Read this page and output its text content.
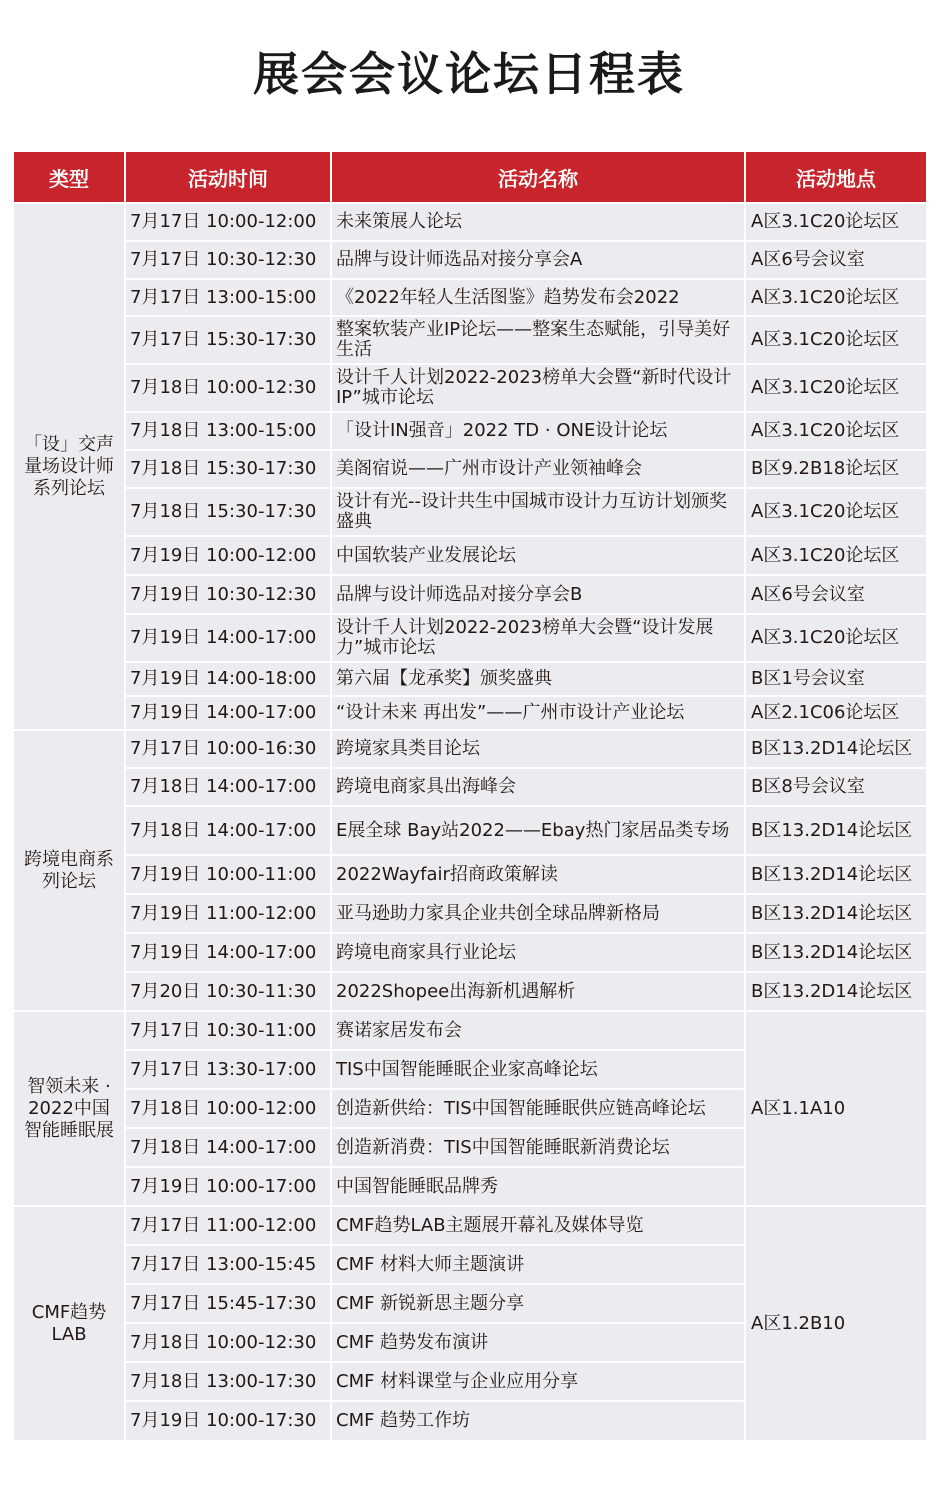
展会会议论坛日程表
类型	活动时间	活动名称	活动地点
「设」交声量场设计师系列论坛	7月17日 10:00-12:00	未来策展人论坛	A区3.1C20论坛区
	7月17日 10:30-12:30	品牌与设计师选品对接分享会A	A区6号会议室
	7月17日 13:00-15:00	《2022年轻人生活图鉴》趋势发布会2022	A区3.1C20论坛区
	7月17日 15:30-17:30	整案软装产业IP论坛——整案生态赋能，引导美好生活	A区3.1C20论坛区
	7月18日 10:00-12:30	设计千人计划2022-2023榜单大会暨“新时代设计IP”城市论坛	A区3.1C20论坛区
	7月18日 13:00-15:00	「设计IN强音」2022 TD · ONE设计论坛	A区3.1C20论坛区
	7月18日 15:30-17:30	美阁宿说——广州市设计产业领袖峰会	B区9.2B18论坛区
	7月18日 15:30-17:30	设计有光--设计共生中国城市设计力互访计划颁奖盛典	A区3.1C20论坛区
	7月19日 10:00-12:00	中国软装产业发展论坛	A区3.1C20论坛区
	7月19日 10:30-12:30	品牌与设计师选品对接分享会B	A区6号会议室
	7月19日 14:00-17:00	设计千人计划2022-2023榜单大会暨“设计发展力”城市论坛	A区3.1C20论坛区
	7月19日 14:00-18:00	第六届【龙承奖】颁奖盛典	B区1号会议室
	7月19日 14:00-17:00	“设计未来 再出发”——广州市设计产业论坛	A区2.1C06论坛区
跨境电商系列论坛	7月17日 10:00-16:30	跨境家具类目论坛	B区13.2D14论坛区
	7月18日 14:00-17:00	跨境电商家具出海峰会	B区8号会议室
	7月18日 14:00-17:00	E展全球 Bay站2022——Ebay热门家居品类专场	B区13.2D14论坛区
	7月19日 10:00-11:00	2022Wayfair招商政策解读	B区13.2D14论坛区
	7月19日 11:00-12:00	亚马逊助力家具企业共创全球品牌新格局	B区13.2D14论坛区
	7月19日 14:00-17:00	跨境电商家具行业论坛	B区13.2D14论坛区
	7月20日 10:30-11:30	2022Shopee出海新机遇解析	B区13.2D14论坛区
智领未来 · 2022中国智能睡眠展	7月17日 10:30-11:00	赛诺家居发布会	A区1.1A10
	7月17日 13:30-17:00	TIS中国智能睡眠企业家高峰论坛	
	7月18日 10:00-12:00	创造新供给：TIS中国智能睡眠供应链高峰论坛	
	7月18日 14:00-17:00	创造新消费：TIS中国智能睡眠新消费论坛	
	7月19日 10:00-17:00	中国智能睡眠品牌秀	
CMF趋势LAB	7月17日 11:00-12:00	CMF趋势LAB主题展开幕礼及媒体导览	A区1.2B10
	7月17日 13:00-15:45	CMF 材料大师主题演讲	
	7月17日 15:45-17:30	CMF 新锐新思主题分享	
	7月18日 10:00-12:30	CMF 趋势发布演讲	
	7月18日 13:00-17:30	CMF 材料课堂与企业应用分享	
	7月19日 10:00-17:30	CMF 趋势工作坊	
